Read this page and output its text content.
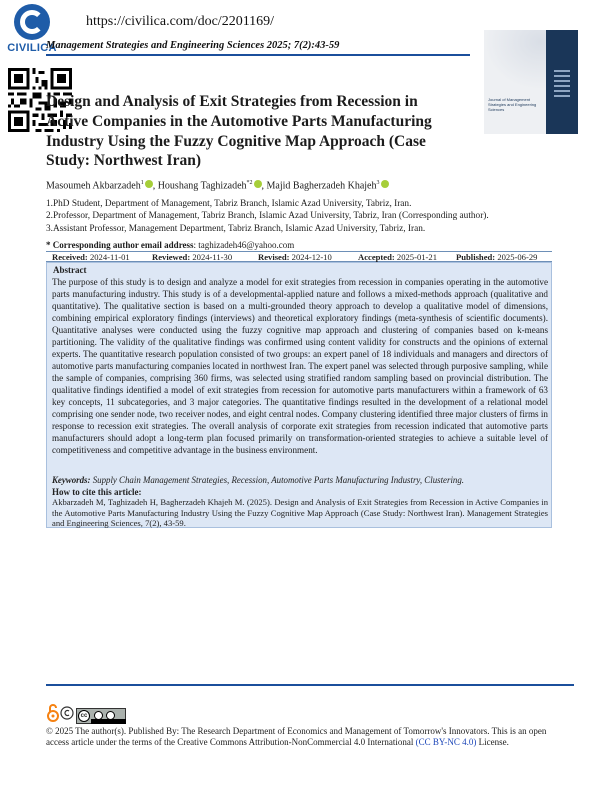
CIVILICA
https://civilica.com/doc/2201169/
Management Strategies and Engineering Sciences 2025; 7(2):43-59
Journal of Management Strategies and Engineering Sciences
Design and Analysis of Exit Strategies from Recession in
Active Companies in the Automotive Parts Manufacturing
Industry Using the Fuzzy Cognitive Map Approach (Case
Study: Northwest Iran)
Masoumeh Akbarzadeh$^1$ , Houshang Taghizadeh$^{*2}$ , Majid Bagherzadeh Khajeh$^3$
1.PhD Student, Department of Management, Tabriz Branch, Islamic Azad University, Tabriz, Iran.
2.Professor, Department of Management, Tabriz Branch, Islamic Azad University, Tabriz, Iran (Corresponding author).
3.Assistant Professor, Management Department, Tabriz Branch, Islamic Azad University, Tabriz, Iran.
* Corresponding author email address: taghizadeh46@yahoo.com
Received: 2024-11-01	Reviewed: 2024-11-30	Revised: 2024-12-10	Accepted: 2025-01-21 Published: 2025-06-29
Abstract
The purpose of this study is to design and analyze a model for exit strategies from recession in companies operating in the automotive parts manufacturing industry. This study is of a developmental-applied nature and follows a mixed-methods approach (qualitative and quantitative). The qualitative section is based on a multi-grounded theory approach to develop a qualitative model of dimensions, combining empirical exploratory findings (interviews) and theoretical exploratory findings (meta-synthesis of scientific documents). Quantitative analyses were conducted using the fuzzy cognitive map approach and clustering of companies based on k-means partitioning. The validity of the qualitative findings was confirmed using content validity for constructs and the opinions of external experts. The quantitative research population consisted of two groups: an expert panel of 18 individuals and managers and directors of automotive parts manufacturing companies located in northwest Iran. The expert panel was selected through purposive sampling, while the sample of companies, comprising 360 firms, was selected using stratified random sampling based on provincial distribution. The qualitative findings identified a model of exit strategies from recession for automotive parts manufacturers within a framework of 63 key concepts, 11 subcategories, and 3 major categories. The quantitative findings resulted in the development of a relational model comprising one sender node, two receiver nodes, and eight central nodes. Company clustering identified three major clusters of firms in response to recession exit strategies. The overall analysis of corporate exit strategies from recession indicated that automotive parts manufacturers should adopt a long-term plan focused primarily on transformation-oriented strategies to achieve a suitable level of competitiveness and competitive advantage in the business environment.
Keywords: Supply Chain Management Strategies, Recession, Automotive Parts Manufacturing Industry, Clustering.
How to cite this article:
Akbarzadeh M, Taghizadeh H, Bagherzadeh Khajeh M. (2025). Design and Analysis of Exit Strategies from Recession in Active Companies in the Automotive Parts Manufacturing Industry Using the Fuzzy Cognitive Map Approach (Case Study: Northwest Iran). Management Strategies and Engineering Sciences, 7(2), 43-59.
cc
© 2025 The author(s). Published By: The Research Department of Economics and Management of Tomorrow's Innovators. This is an open access article under the terms of the Creative Commons Attribution-NonCommercial 4.0 International (CC BY-NC 4.0) License.
